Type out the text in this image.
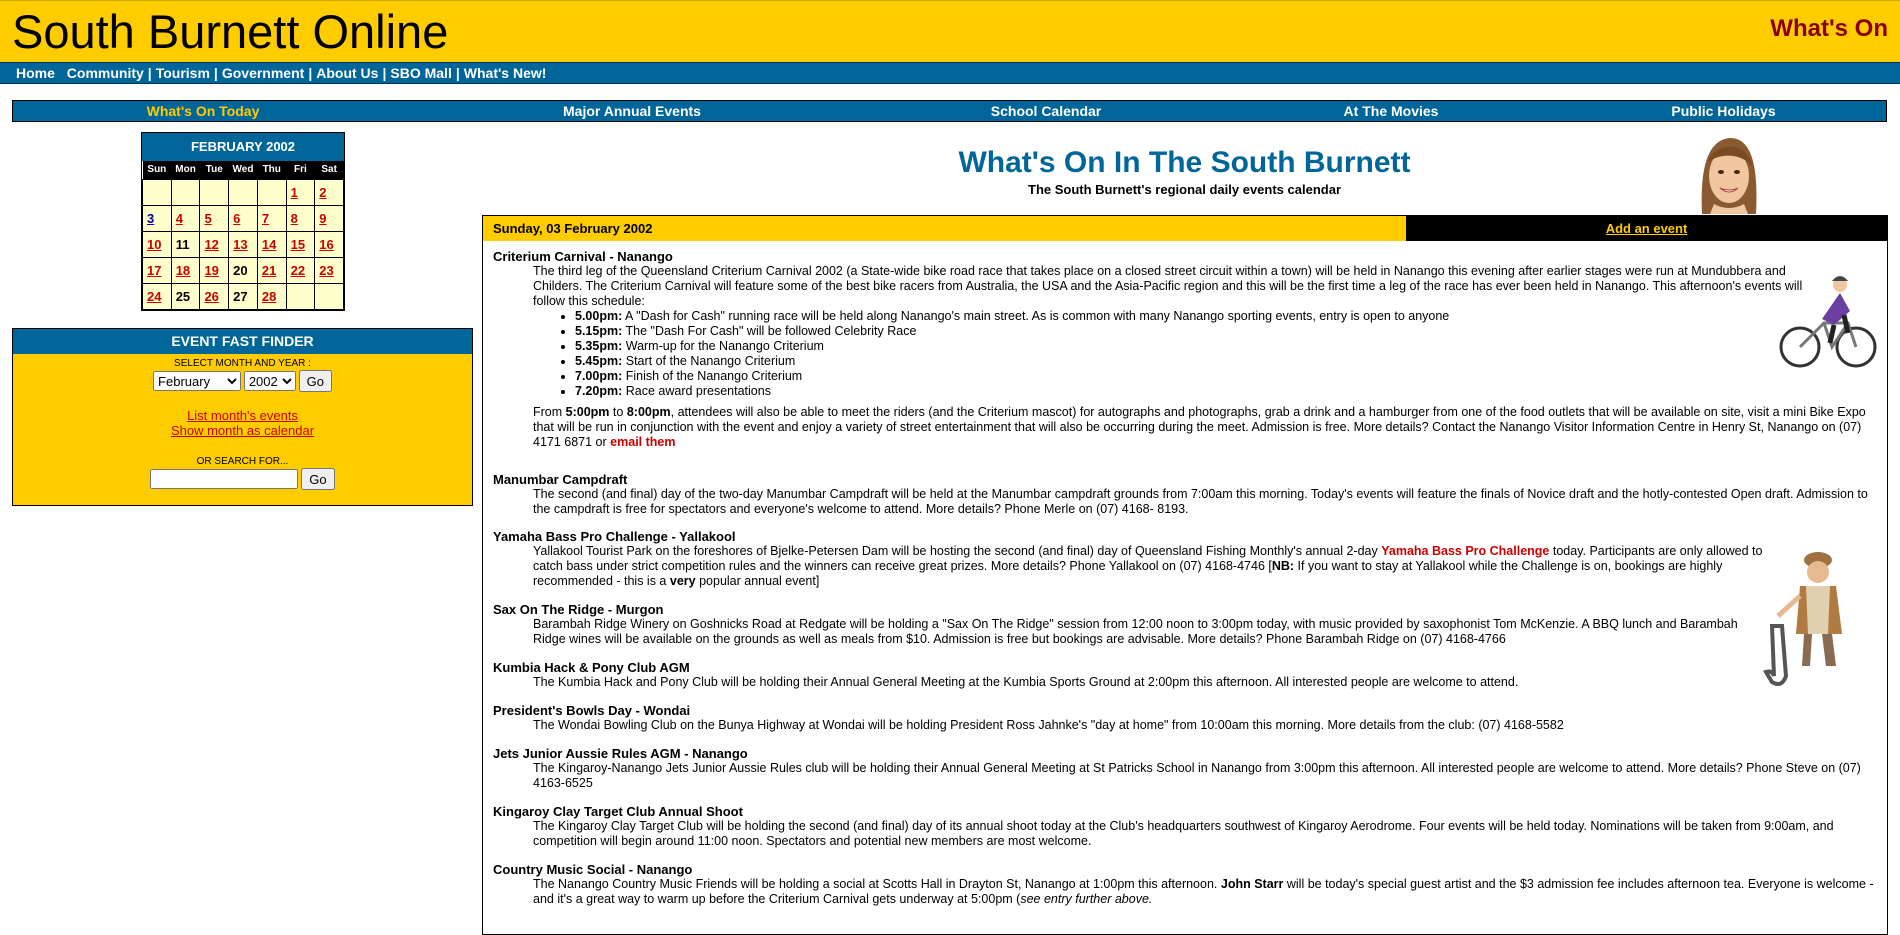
South Burnett Online	What's On
Home Community | Tourism | Government | About Us | SBO Mall | What's New!
What's On Today	Major Annual Events	School Calendar	At The Movies	Public Holidays
FEBRUARY 2002
Sun	Mon	Tue	Wed	Thu	Fri	Sat
					1	2
3	4	5	6	7	8	9
10	11	12	13	14	15	16
17	18	19	20	21	22	23
24	25	26	27	28		
EVENT FAST FINDER
SELECT MONTH AND YEAR :
February
2002 Go
List month's events
Show month as calendar
OR SEARCH FOR...
Go
What's On In The South Burnett
The South Burnett's regional daily events calendar
Sunday, 03 February 2002	Add an event
Criterium Carnival - Nanango
The third leg of the Queensland Criterium Carnival 2002 (a State-wide bike road race that takes place on a closed street circuit within a town) will be held in Nanango this evening after earlier stages were run at Mundubbera and Childers. The Criterium Carnival will feature some of the best bike racers from Australia, the USA and the Asia-Pacific region and this will be the first time a leg of the race has ever been held in Nanango. This afternoon's events will follow this schedule:
• 5.00pm: A "Dash for Cash" running race will be held along Nanango's main street. As is common with many Nanango sporting events, entry is open to anyone
• 5.15pm: The "Dash For Cash" will be followed Celebrity Race
• 5.35pm: Warm-up for the Nanango Criterium
• 5.45pm: Start of the Nanango Criterium
• 7.00pm: Finish of the Nanango Criterium
• 7.20pm: Race award presentations

From 5:00pm to 8:00pm, attendees will also be able to meet the riders (and the Criterium mascot) for autographs and photographs, grab a drink and a hamburger from one of the food outlets that will be available on site, visit a mini Bike Expo that will be run in conjunction with the event and enjoy a variety of street entertainment that will also be occurring during the meet. Admission is free. More details? Contact the Nanango Visitor Information Centre in Henry St, Nanango on (07) 4171 6871 or email them

Manumbar Campdraft
The second (and final) day of the two-day Manumbar Campdraft will be held at the Manumbar campdraft grounds from 7:00am this morning. Today's events will feature the finals of Novice draft and the hotly-contested Open draft. Admission to the campdraft is free for spectators and everyone's welcome to attend. More details? Phone Merle on (07) 4168- 8193.
Yamaha Bass Pro Challenge - Yallakool
Yallakool Tourist Park on the foreshores of Bjelke-Petersen Dam will be hosting the second (and final) day of Queensland Fishing Monthly's annual 2-day Yamaha Bass Pro Challenge today. Participants are only allowed to catch bass under strict competition rules and the winners can receive great prizes. More details? Phone Yallakool on (07) 4168-4746 [NB: If you want to stay at Yallakool while the Challenge is on, bookings are highly recommended - this is a very popular annual event]
Sax On The Ridge - Murgon
Barambah Ridge Winery on Goshnicks Road at Redgate will be holding a "Sax On The Ridge" session from 12:00 noon to 3:00pm today, with music provided by saxophonist Tom McKenzie. A BBQ lunch and Barambah Ridge wines will be available on the grounds as well as meals from $10. Admission is free but bookings are advisable. More details? Phone Barambah Ridge on (07) 4168-4766
Kumbia Hack & Pony Club AGM
The Kumbia Hack and Pony Club will be holding their Annual General Meeting at the Kumbia Sports Ground at 2:00pm this afternoon. All interested people are welcome to attend.
President's Bowls Day - Wondai
The Wondai Bowling Club on the Bunya Highway at Wondai will be holding President Ross Jahnke's "day at home" from 10:00am this morning. More details from the club: (07) 4168-5582
Jets Junior Aussie Rules AGM - Nanango
The Kingaroy-Nanango Jets Junior Aussie Rules club will be holding their Annual General Meeting at St Patricks School in Nanango from 3:00pm this afternoon. All interested people are welcome to attend. More details? Phone Steve on (07) 4163-6525
Kingaroy Clay Target Club Annual Shoot
The Kingaroy Clay Target Club will be holding the second (and final) day of its annual shoot today at the Club's headquarters southwest of Kingaroy Aerodrome. Four events will be held today. Nominations will be taken from 9:00am, and competition will begin around 11:00 noon. Spectators and potential new members are most welcome.
Country Music Social - Nanango
The Nanango Country Music Friends will be holding a social at Scotts Hall in Drayton St, Nanango at 1:00pm this afternoon. John Starr will be today's special guest artist and the $3 admission fee includes afternoon tea. Everyone is welcome - and it's a great way to warm up before the Criterium Carnival gets underway at 5:00pm (see entry further above.
